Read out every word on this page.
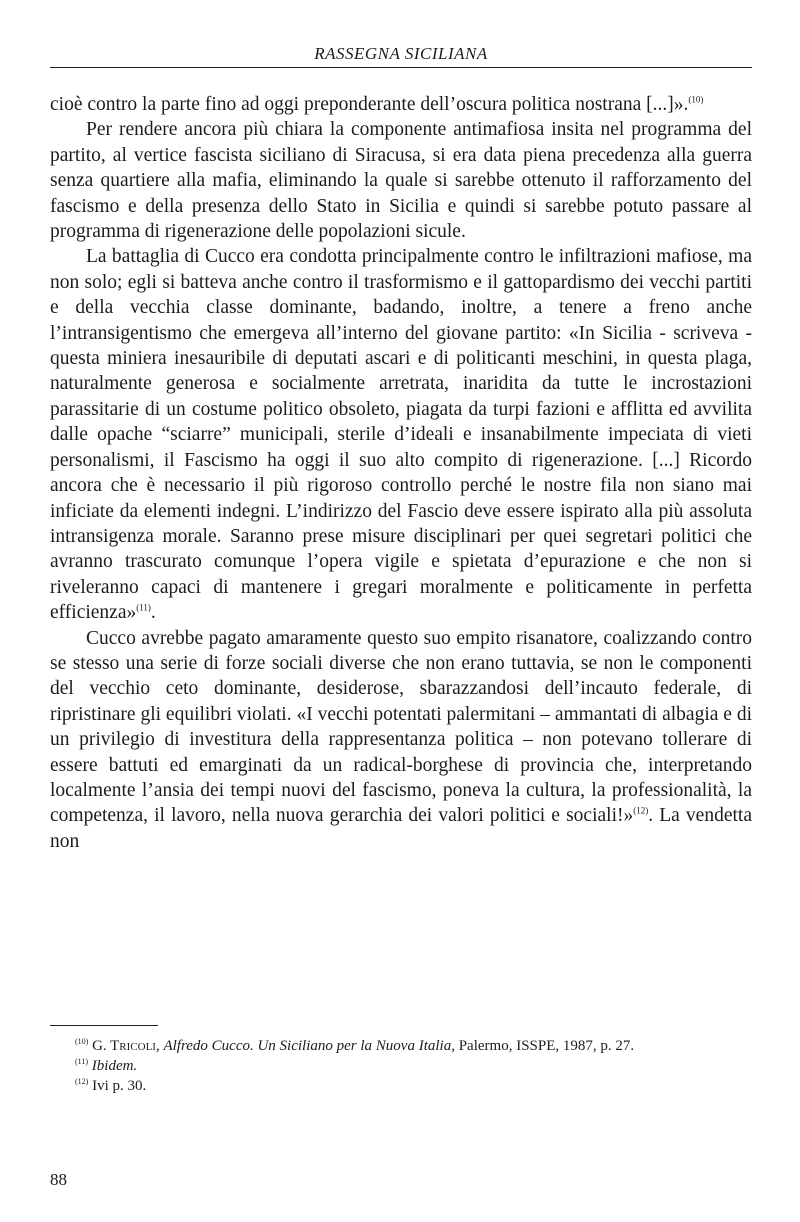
RASSEGNA SICILIANA

cioè contro la parte fino ad oggi preponderante dell’oscura politica nostrana [...]».$^{(10)}$

Per rendere ancora più chiara la componente antimafiosa insita nel programma del partito, al vertice fascista siciliano di Siracusa, si era data piena precedenza alla guerra senza quartiere alla mafia, eliminando la quale si sarebbe ottenuto il rafforzamento del fascismo e della presenza dello Stato in Sicilia e quindi si sarebbe potuto passare al programma di rigenerazione delle popolazioni sicule.

La battaglia di Cucco era condotta principalmente contro le infiltrazioni mafiose, ma non solo; egli si batteva anche contro il trasformismo e il gattopardismo dei vecchi partiti e della vecchia classe dominante, badando, inoltre, a tenere a freno anche l’intransigentismo che emergeva all’interno del giovane partito: «In Sicilia - scriveva - questa miniera inesauribile di deputati ascari e di politicanti meschini, in questa plaga, naturalmente generosa e socialmente arretrata, inaridita da tutte le incrostazioni parassitarie di un costume politico obsoleto, piagata da turpi fazioni e afflitta ed avvilita dalle opache “sciarre” municipali, sterile d’ideali e insanabilmente impeciata di vieti personalismi, il Fascismo ha oggi il suo alto compito di rigenerazione. [...] Ricordo ancora che è necessario il più rigoroso controllo perché le nostre fila non siano mai inficiate da elementi indegni. L’indirizzo del Fascio deve essere ispirato alla più assoluta intransigenza morale. Saranno prese misure disciplinari per quei segretari politici che avranno trascurato comunque l’opera vigile e spietata d’epurazione e che non si riveleranno capaci di mantenere i gregari moralmente e politicamente in perfetta efficienza»$^{(11)}$.

Cucco avrebbe pagato amaramente questo suo empito risanatore, coalizzando contro se stesso una serie di forze sociali diverse che non erano tuttavia, se non le componenti del vecchio ceto dominante, desiderose, sbarazzandosi dell’incauto federale, di ripristinare gli equilibri violati. «I vecchi potentati palermitani – ammantati di albagia e di un privilegio di investitura della rappresentanza politica – non potevano tollerare di essere battuti ed emarginati da un radical-borghese di provincia che, interpretando localmente l’ansia dei tempi nuovi del fascismo, poneva la cultura, la professionalità, la competenza, il lavoro, nella nuova gerarchia dei valori politici e sociali!»$^{(12)}$. La vendetta non

$^{(10)}$ G. Tricoli, Alfredo Cucco. Un Siciliano per la Nuova Italia, Palermo, ISSPE, 1987, p. 27.

$^{(11)}$ Ibidem.

$^{(12)}$ Ivi p. 30.

88
